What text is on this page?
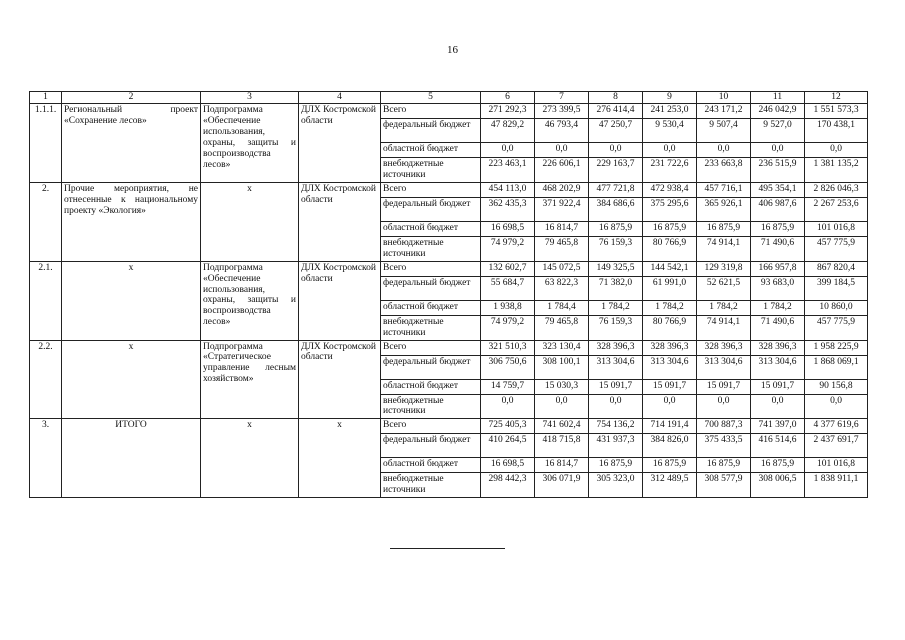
16
1	2	3	4	5	6	7	8	9	10	11	12
1.1.1.	Региональный проект «Сохранение лесов»	Подпрограмма «Обеспечение использования, охраны, защиты и воспроизводства лесов»	ДЛХ Костромской области	Всего	271 292,3	273 399,5	276 414,4	241 253,0	243 171,2	246 042,9	1 551 573,3
				федеральный бюджет	47 829,2	46 793,4	47 250,7	9 530,4	9 507,4	9 527,0	170 438,1
				областной бюджет	0,0	0,0	0,0	0,0	0,0	0,0	0,0
				внебюджетные источники	223 463,1	226 606,1	229 163,7	231 722,6	233 663,8	236 515,9	1 381 135,2
2.	Прочие мероприятия, не отнесенные к национальному проекту «Экология»	х	ДЛХ Костромской области	Всего	454 113,0	468 202,9	477 721,8	472 938,4	457 716,1	495 354,1	2 826 046,3
				федеральный бюджет	362 435,3	371 922,4	384 686,6	375 295,6	365 926,1	406 987,6	2 267 253,6
				областной бюджет	16 698,5	16 814,7	16 875,9	16 875,9	16 875,9	16 875,9	101 016,8
				внебюджетные источники	74 979,2	79 465,8	76 159,3	80 766,9	74 914,1	71 490,6	457 775,9
2.1.	х	Подпрограмма «Обеспечение использования, охраны, защиты и воспроизводства лесов»	ДЛХ Костромской области	Всего	132 602,7	145 072,5	149 325,5	144 542,1	129 319,8	166 957,8	867 820,4
				федеральный бюджет	55 684,7	63 822,3	71 382,0	61 991,0	52 621,5	93 683,0	399 184,5
				областной бюджет	1 938,8	1 784,4	1 784,2	1 784,2	1 784,2	1 784,2	10 860,0
				внебюджетные источники	74 979,2	79 465,8	76 159,3	80 766,9	74 914,1	71 490,6	457 775,9
2.2.	х	Подпрограмма «Стратегическое управление лесным хозяйством»	ДЛХ Костромской области	Всего	321 510,3	323 130,4	328 396,3	328 396,3	328 396,3	328 396,3	1 958 225,9
				федеральный бюджет	306 750,6	308 100,1	313 304,6	313 304,6	313 304,6	313 304,6	1 868 069,1
				областной бюджет	14 759,7	15 030,3	15 091,7	15 091,7	15 091,7	15 091,7	90 156,8
				внебюджетные источники	0,0	0,0	0,0	0,0	0,0	0,0	0,0
3.	ИТОГО	х	х	Всего	725 405,3	741 602,4	754 136,2	714 191,4	700 887,3	741 397,0	4 377 619,6
				федеральный бюджет	410 264,5	418 715,8	431 937,3	384 826,0	375 433,5	416 514,6	2 437 691,7
				областной бюджет	16 698,5	16 814,7	16 875,9	16 875,9	16 875,9	16 875,9	101 016,8
				внебюджетные источники	298 442,3	306 071,9	305 323,0	312 489,5	308 577,9	308 006,5	1 838 911,1
